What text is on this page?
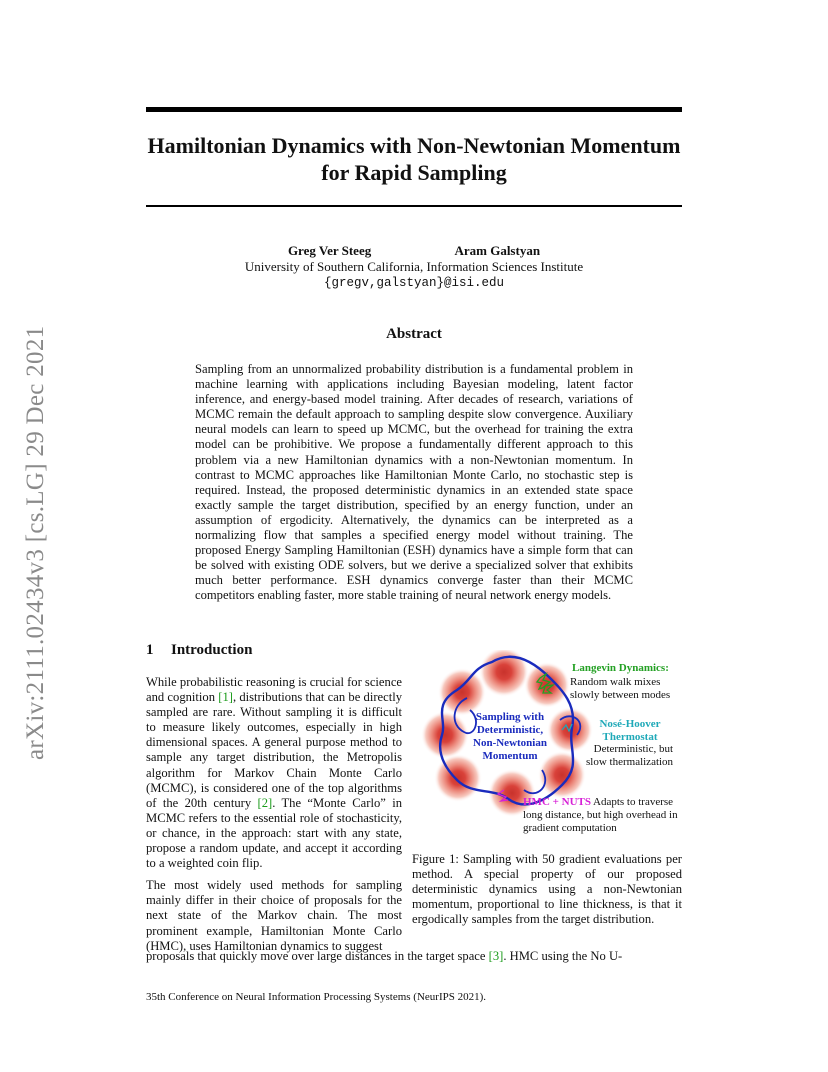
arXiv:2111.02434v3 [cs.LG] 29 Dec 2021
Hamiltonian Dynamics with Non-Newtonian Momentum for Rapid Sampling
Greg Ver Steeg	Aram Galstyan
University of Southern California, Information Sciences Institute
{gregv,galstyan}@isi.edu
Abstract
Sampling from an unnormalized probability distribution is a fundamental problem in machine learning with applications including Bayesian modeling, latent factor inference, and energy-based model training. After decades of research, variations of MCMC remain the default approach to sampling despite slow convergence. Auxiliary neural models can learn to speed up MCMC, but the overhead for training the extra model can be prohibitive. We propose a fundamentally different approach to this problem via a new Hamiltonian dynamics with a non-Newtonian momentum. In contrast to MCMC approaches like Hamiltonian Monte Carlo, no stochastic step is required. Instead, the proposed deterministic dynamics in an extended state space exactly sample the target distribution, specified by an energy function, under an assumption of ergodicity. Alternatively, the dynamics can be interpreted as a normalizing flow that samples a specified energy model without training. The proposed Energy Sampling Hamiltonian (ESH) dynamics have a simple form that can be solved with existing ODE solvers, but we derive a specialized solver that exhibits much better performance. ESH dynamics converge faster than their MCMC competitors enabling faster, more stable training of neural network energy models.
1 Introduction

While probabilistic reasoning is crucial for science and cognition [1], distributions that can be directly sampled are rare. Without sampling it is difficult to measure likely outcomes, especially in high dimensional spaces. A general purpose method to sample any target distribution, the Metropolis algorithm for Markov Chain Monte Carlo (MCMC), is considered one of the top algorithms of the 20th century [2]. The “Monte Carlo” in MCMC refers to the essential role of stochasticity, or chance, in the approach: start with any state, propose a random update, and accept it according to a weighted coin flip.

The most widely used methods for sampling mainly differ in their choice of proposals for the next state of the Markov chain. The most prominent example, Hamiltonian Monte Carlo (HMC), uses Hamiltonian dynamics to suggest

proposals that quickly move over large distances in the target space [3]. HMC using the No U-
Langevin Dynamics:
Random walk mixes
slowly between modes
Sampling with Deterministic, Non-Newtonian Momentum
Nosé-Hoover Thermostat
Deterministic, but
slow thermalization
HMC + NUTS Adapts to traverse
long distance, but high overhead in gradient computation
Figure 1: Sampling with 50 gradient evaluations per method. A special property of our proposed deterministic dynamics using a non-Newtonian momentum, proportional to line thickness, is that it ergodically samples from the target distribution.
35th Conference on Neural Information Processing Systems (NeurIPS 2021).
